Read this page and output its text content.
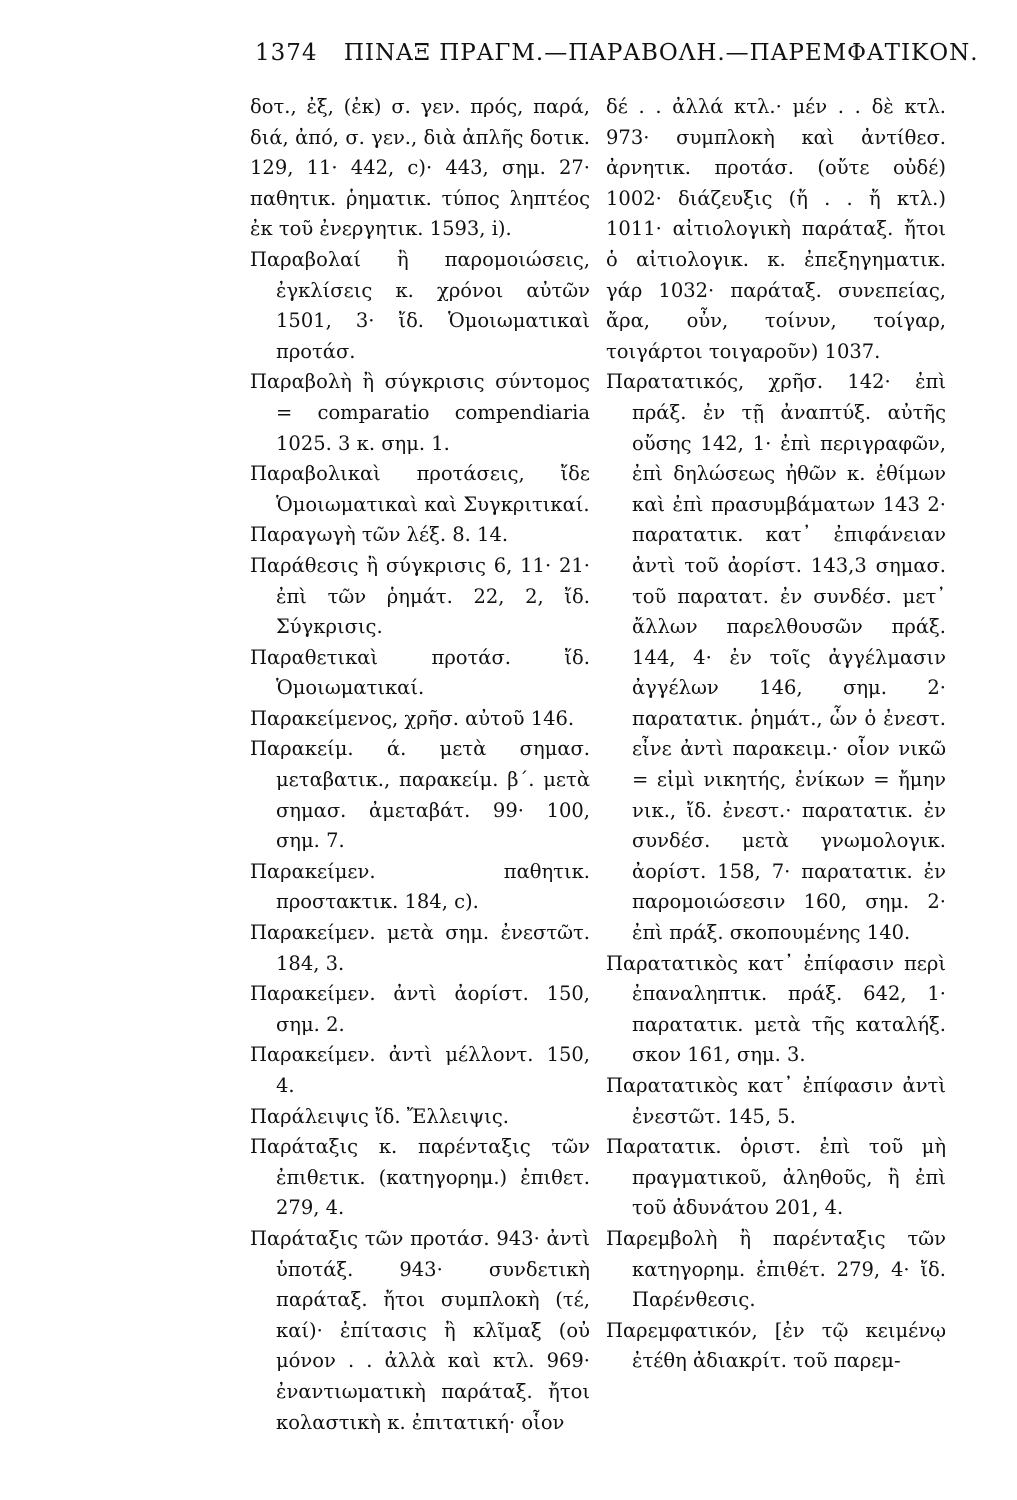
1374 ΠΙΝΑΞ ΠΡΑΓΜ.—ΠΑΡΑΒΟΛΗ.—ΠΑΡΕΜΦΑΤΙΚΟΝ.

δοτ., ἐξ, (ἐκ) σ. γεν. πρός, παρά, διά, ἀπό, σ. γεν., διὰ ἁπλῆς δοτικ. 129, 11· 442, c)· 443, σημ. 27· παθητικ. ῥηματικ. τύπος ληπτέος ἐκ τοῦ ἐνεργητικ. 1593, i).

Παραβολαί ἢ παρομοιώσεις, ἐγκλίσεις κ. χρόνοι αὐτῶν 1501, 3· ἴδ. Ὁμοιωματικαὶ προτάσ.

Παραβολὴ ἢ σύγκρισις σύντομος = comparatio compendiaria 1025. 3 κ. σημ. 1.

Παραβολικαὶ προτάσεις, ἴδε Ὁμοιωματικαὶ καὶ Συγκριτικαί.

Παραγωγὴ τῶν λέξ. 8. 14.

Παράθεσις ἢ σύγκρισις 6, 11· 21· ἐπὶ τῶν ῥημάτ. 22, 2, ἴδ. Σύγκρισις.

Παραθετικαὶ προτάσ. ἴδ. Ὁμοιωματικαί.

Παρακείμενος, χρῆσ. αὐτοῦ 146.

Παρακείμ. ά. μετὰ σημασ. μεταβατικ., παρακείμ. β΄. μετὰ σημασ. ἀμεταβάτ. 99· 100, σημ. 7.

Παρακείμεν. παθητικ. προστακτικ. 184, c).

Παρακείμεν. μετὰ σημ. ἐνεστῶτ. 184, 3.

Παρακείμεν. ἀντὶ ἀορίστ. 150, σημ. 2.

Παρακείμεν. ἀντὶ μέλλοντ. 150, 4.

Παράλειψις ἴδ. Ἔλλειψις.

Παράταξις κ. παρένταξις τῶν ἐπιθετικ. (κατηγορημ.) ἐπιθετ. 279, 4.

Παράταξις τῶν προτάσ. 943· ἀντὶ ὑποτάξ. 943· συνδετικὴ παράταξ. ἤτοι συμπλοκὴ (τέ, καί)· ἐπίτασις ἢ κλῖμαξ (οὐ μόνον . . ἀλλὰ καὶ κτλ. 969· ἐναντιωματικὴ παράταξ. ἤτοι κολαστικὴ κ. ἐπιτατική· οἷον

δέ . . ἀλλά κτλ.· μέν . . δὲ κτλ. 973· συμπλοκὴ καὶ ἀντίθεσ. ἀρνητικ. προτάσ. (οὔτε οὐδέ) 1002· διάζευξις (ἤ . . ἤ κτλ.) 1011· αἰτιολογικὴ παράταξ. ἤτοι ὁ αἰτιολογικ. κ. ἐπεξηγηματικ. γάρ 1032· παράταξ. συνεπείας, ἄρα, οὖν, τοίνυν, τοίγαρ, τοιγάρτοι τοιγαροῦν) 1037.

Παρατατικός, χρῆσ. 142· ἐπὶ πράξ. ἐν τῇ ἀναπτύξ. αὐτῆς οὔσης 142, 1· ἐπὶ περιγραφῶν, ἐπὶ δηλώσεως ἠθῶν κ. ἐθίμων καὶ ἐπὶ πρασυμβάματων 143 2· παρατατικ. κατ᾽ ἐπιφάνειαν ἀντὶ τοῦ ἀορίστ. 143,3 σημασ. τοῦ παρατατ. ἐν συνδέσ. μετ᾽ ἄλλων παρελθουσῶν πράξ. 144, 4· ἐν τοῖς ἀγγέλμασιν ἀγγέλων 146, σημ. 2· παρατατικ. ῥημάτ., ὧν ὁ ἐνεστ. εἶνε ἀντὶ παρακειμ.· οἷον νικῶ = εἰμὶ νικητής, ἐνίκων = ἤμην νικ., ἴδ. ἐνεστ.· παρατατικ. ἐν συνδέσ. μετὰ γνωμολογικ. ἀορίστ. 158, 7· παρατατικ. ἐν παρομοιώσεσιν 160, σημ. 2· ἐπὶ πράξ. σκοπουμένης 140.

Παρατατικὸς κατ᾽ ἐπίφασιν περὶ ἐπαναληπτικ. πράξ. 642, 1· παρατατικ. μετὰ τῆς καταλήξ. σκον 161, σημ. 3.

Παρατατικὸς κατ᾽ ἐπίφασιν ἀντὶ ἐνεστῶτ. 145, 5.

Παρατατικ. ὁριστ. ἐπὶ τοῦ μὴ πραγματικοῦ, ἀληθοῦς, ἢ ἐπὶ τοῦ ἀδυνάτου 201, 4.

Παρεμβολὴ ἢ παρένταξις τῶν κατηγορημ. ἐπιθέτ. 279, 4· ἴδ. Παρένθεσις.

Παρεμφατικόν, [ἐν τῷ κειμένῳ ἐτέθη ἀδιακρίτ. τοῦ παρεμ-
